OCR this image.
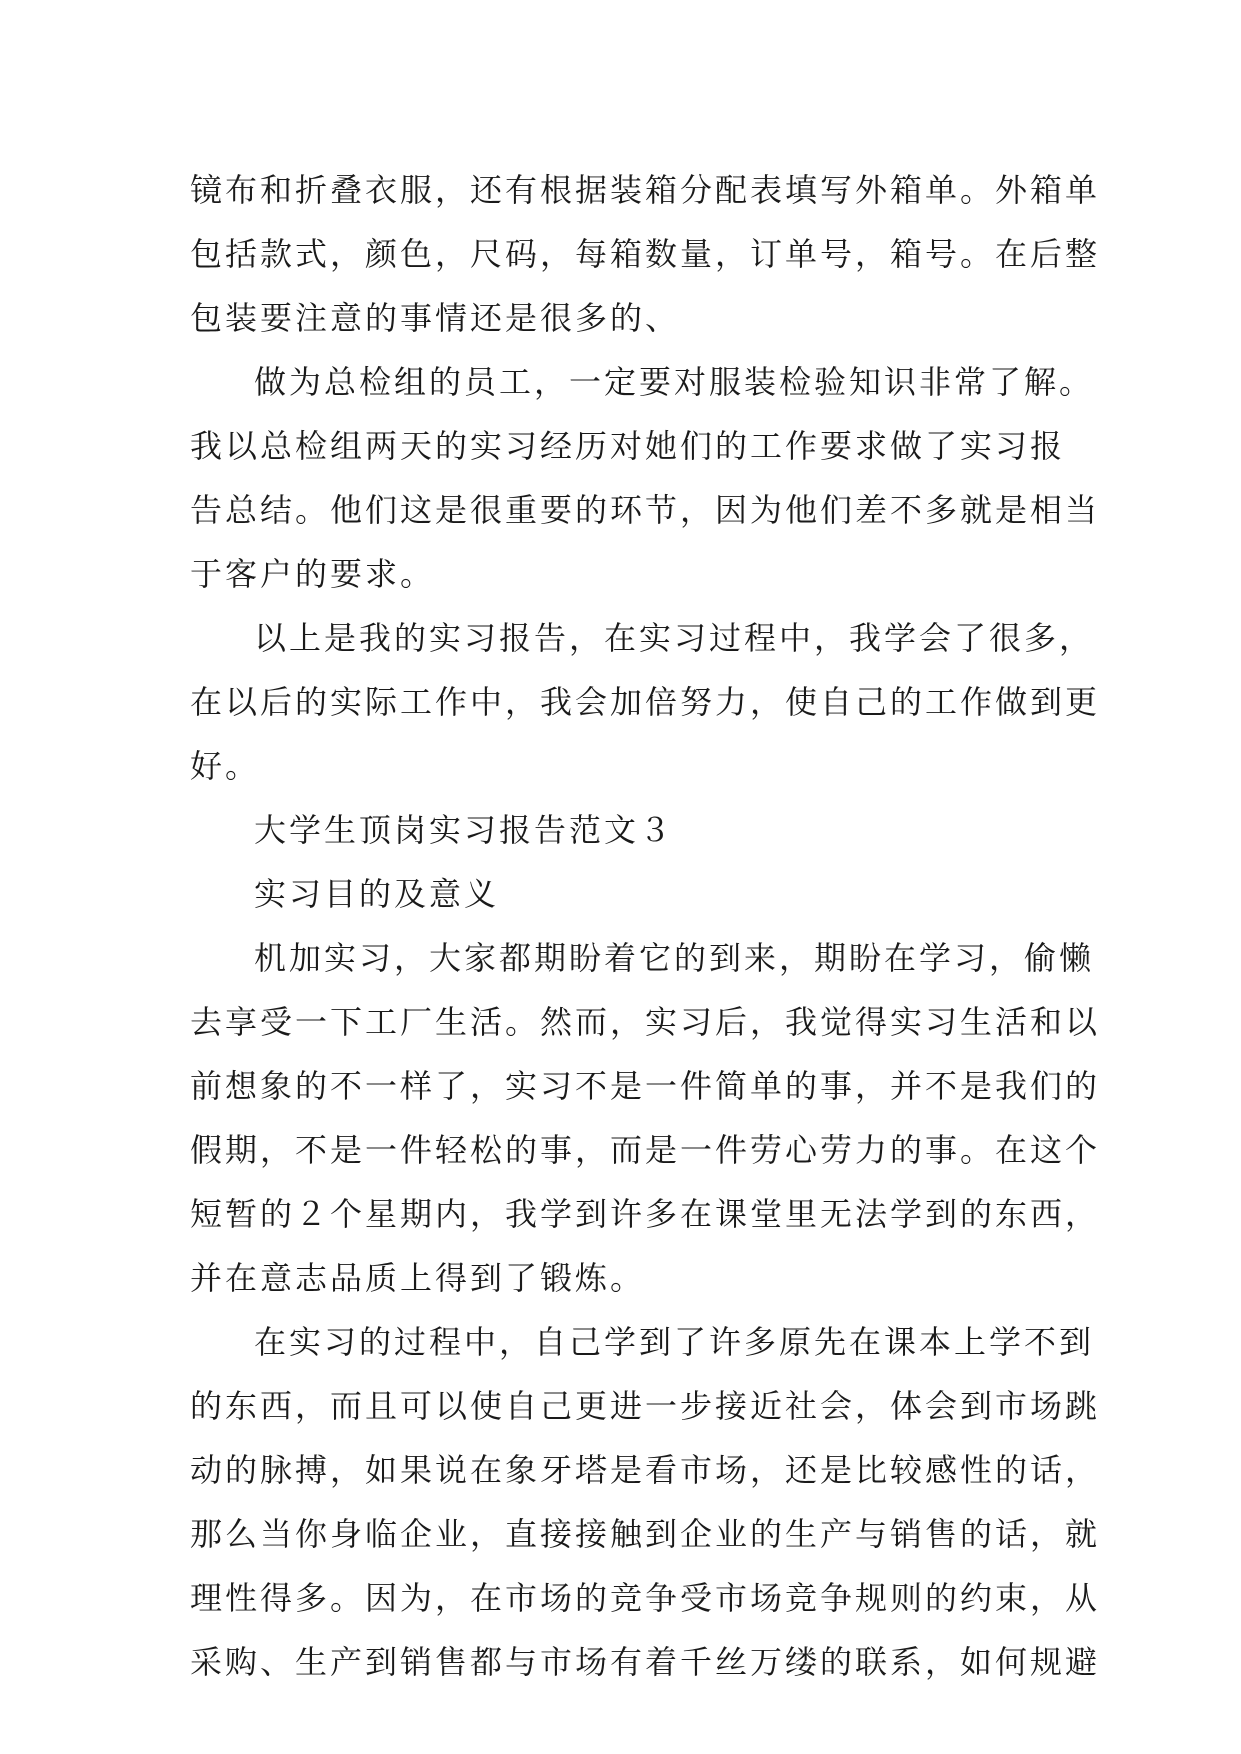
镜布和折叠衣服，还有根据装箱分配表填写外箱单。外箱单
包括款式，颜色，尺码，每箱数量，订单号，箱号。在后整
包装要注意的事情还是很多的、
做为总检组的员工，一定要对服装检验知识非常了解。
我以总检组两天的实习经历对她们的工作要求做了实习报
告总结。他们这是很重要的环节，因为他们差不多就是相当
于客户的要求。
以上是我的实习报告，在实习过程中，我学会了很多，
在以后的实际工作中，我会加倍努力，使自己的工作做到更
好。
大学生顶岗实习报告范文３
实习目的及意义
机加实习，大家都期盼着它的到来，期盼在学习，偷懒
去享受一下工厂生活。然而，实习后，我觉得实习生活和以
前想象的不一样了，实习不是一件简单的事，并不是我们的
假期，不是一件轻松的事，而是一件劳心劳力的事。在这个
短暂的２个星期内，我学到许多在课堂里无法学到的东西，
并在意志品质上得到了锻炼。
在实习的过程中，自己学到了许多原先在课本上学不到
的东西，而且可以使自己更进一步接近社会，体会到市场跳
动的脉搏，如果说在象牙塔是看市场，还是比较感性的话，
那么当你身临企业，直接接触到企业的生产与销售的话，就
理性得多。因为，在市场的竞争受市场竞争规则的约束，从
采购、生产到销售都与市场有着千丝万缕的联系，如何规避
